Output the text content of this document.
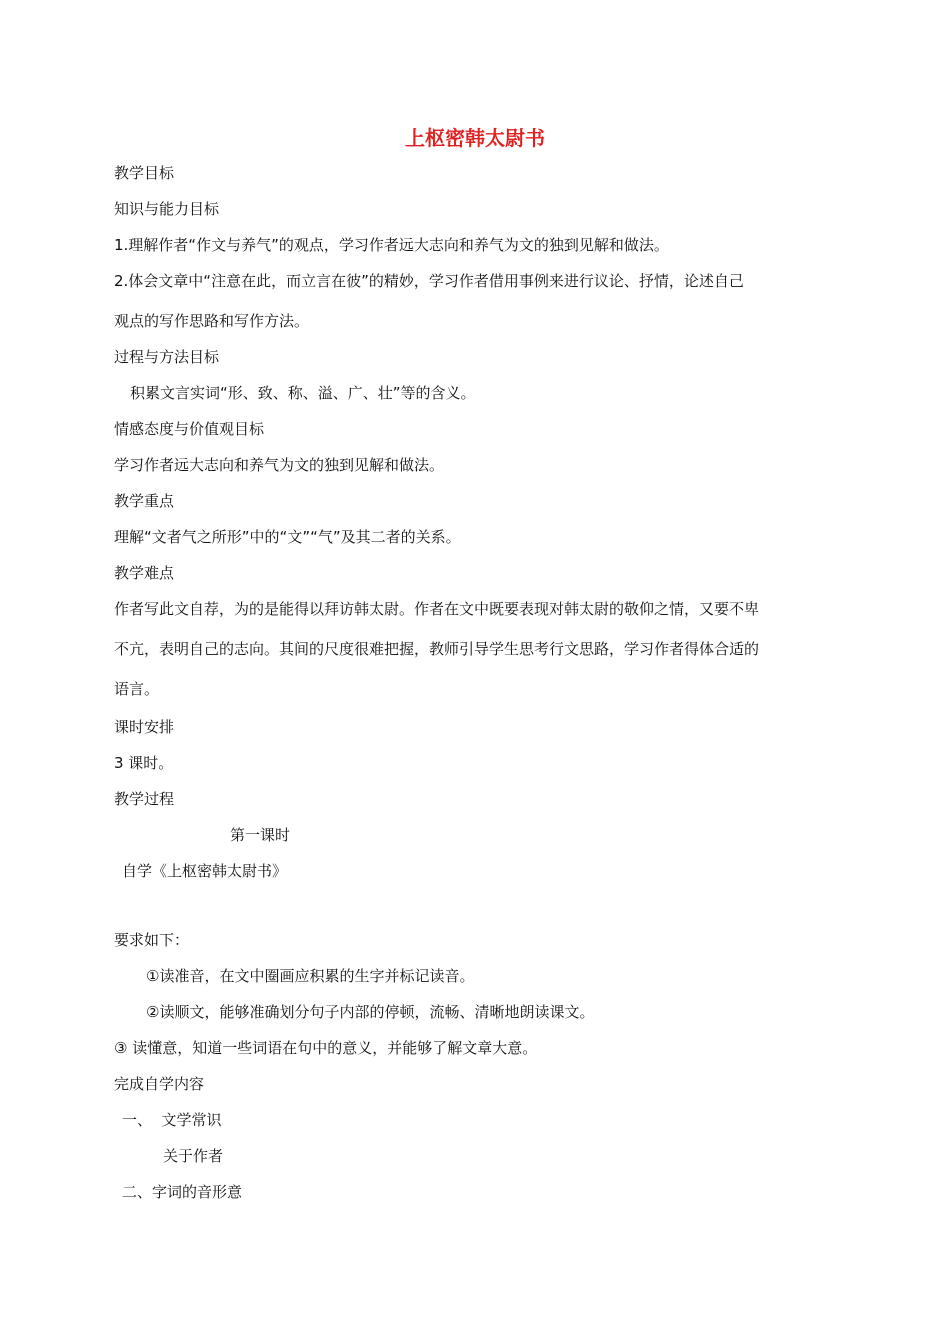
上枢密韩太尉书
教学目标
知识与能力目标
1.理解作者“作文与养气”的观点，学习作者远大志向和养气为文的独到见解和做法。
2.体会文章中“注意在此，而立言在彼”的精妙，学习作者借用事例来进行议论、抒情，论述自己
观点的写作思路和写作方法。
过程与方法目标
积累文言实词“形、致、称、溢、广、壮”等的含义。
情感态度与价值观目标
学习作者远大志向和养气为文的独到见解和做法。
教学重点
理解“文者气之所形”中的“文”“气”及其二者的关系。
教学难点
作者写此文自荐，为的是能得以拜访韩太尉。作者在文中既要表现对韩太尉的敬仰之情，又要不卑
不亢，表明自己的志向。其间的尺度很难把握，教师引导学生思考行文思路，学习作者得体合适的
语言。
课时安排
3 课时。
教学过程
第一课时
自学《上枢密韩太尉书》
要求如下：
①读准音，在文中圈画应积累的生字并标记读音。
②读顺文，能够准确划分句子内部的停顿，流畅、清晰地朗读课文。
③ 读懂意，知道一些词语在句中的意义，并能够了解文章大意。
完成自学内容
一、  文学常识
关于作者
二、字词的音形意
